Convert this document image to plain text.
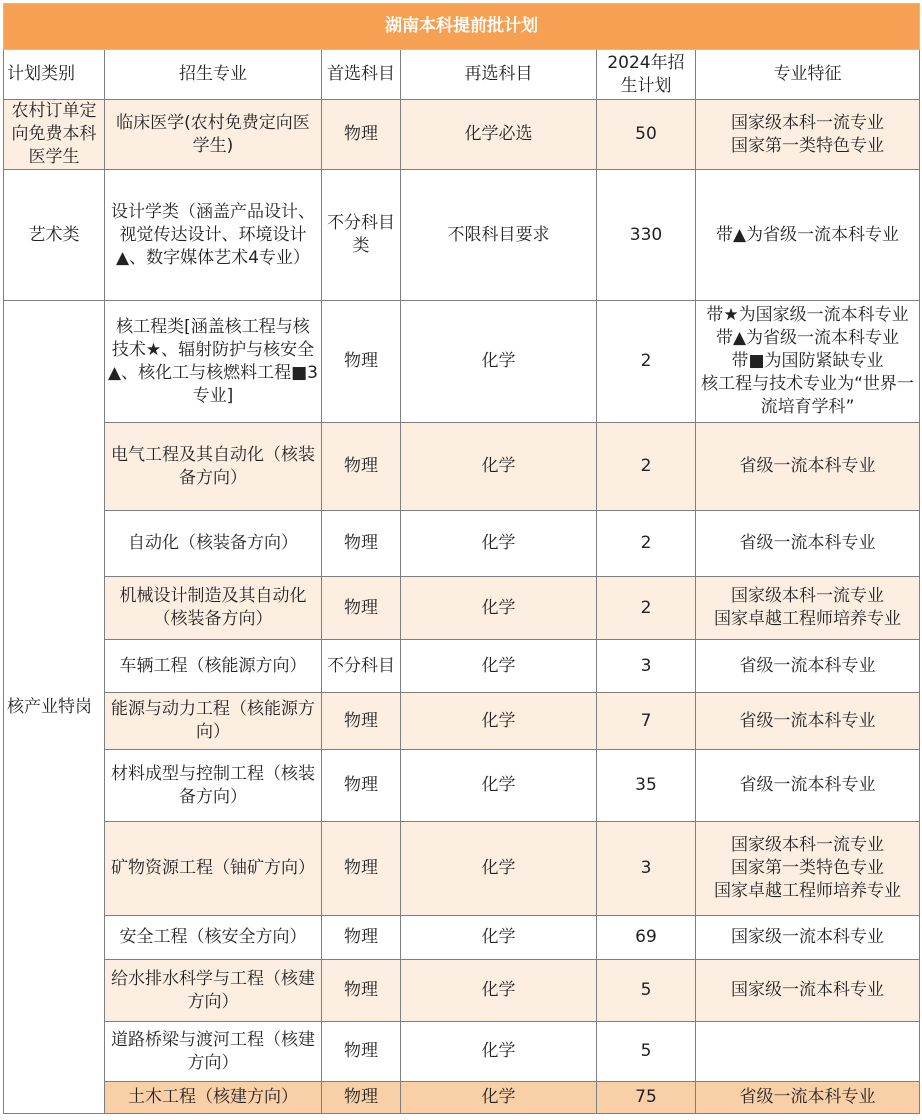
湖南本科提前批计划					
计划类别	招生专业	首选科目	再选科目	2024年招生计划	专业特征
农村订单定向免费本科医学生	临床医学(农村免费定向医学生)	物理	化学必选	50	国家级本科一流专业
国家第一类特色专业
艺术类	设计学类（涵盖产品设计、视觉传达设计、环境设计▲、数字媒体艺术4专业）	不分科目类	不限科目要求	330	带▲为省级一流本科专业
核产业特岗	核工程类[涵盖核工程与核技术★、辐射防护与核安全▲、核化工与核燃料工程■3专业]	物理	化学	2	带★为国家级一流本科专业
带▲为省级一流本科专业
带■为国防紧缺专业
核工程与技术专业为“世界一流培育学科”
	电气工程及其自动化（核装备方向）	物理	化学	2	省级一流本科专业
	自动化（核装备方向）	物理	化学	2	省级一流本科专业
	机械设计制造及其自动化（核装备方向）	物理	化学	2	国家级本科一流专业
国家卓越工程师培养专业
	车辆工程（核能源方向）	不分科目	化学	3	省级一流本科专业
	能源与动力工程（核能源方向）	物理	化学	7	省级一流本科专业
	材料成型与控制工程（核装备方向）	物理	化学	35	省级一流本科专业
	矿物资源工程（铀矿方向）	物理	化学	3	国家级本科一流专业
国家第一类特色专业
国家卓越工程师培养专业
	安全工程（核安全方向）	物理	化学	69	国家级一流本科专业
	给水排水科学与工程（核建方向）	物理	化学	5	国家级一流本科专业
	道路桥梁与渡河工程（核建方向）	物理	化学	5	
	土木工程（核建方向）	物理	化学	75	省级一流本科专业
